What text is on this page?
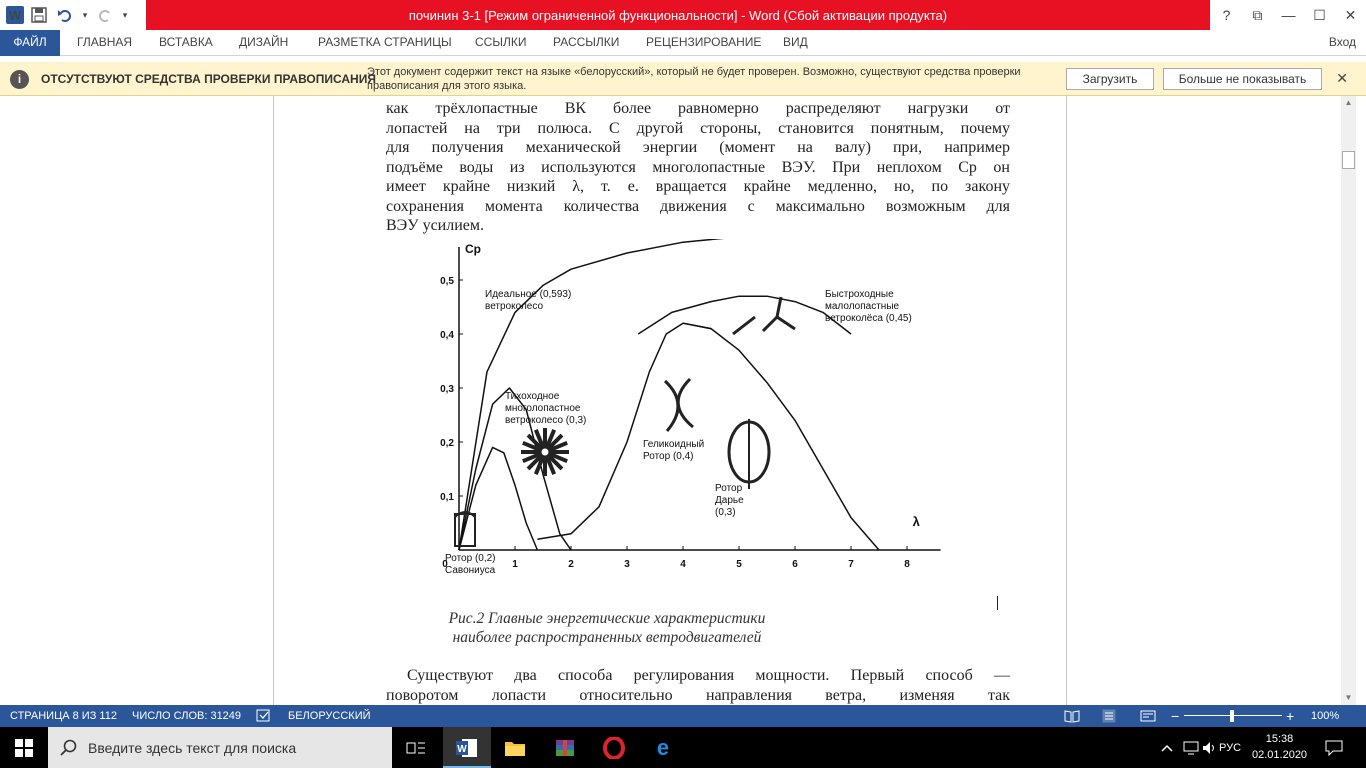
W	▾	▾	починин 3-1 [Режим ограниченной функциональности] - Word (Сбой активации продукта)	?	⧉	—	☐	✕
ФАЙЛ	ГЛАВНАЯ ВСТАВКА ДИЗАЙН РАЗМЕТКА СТРАНИЦЫ ССЫЛКИ РАССЫЛКИ РЕЦЕНЗИРОВАНИЕ ВИД	Вход
i	ОТСУТСТВУЮТ СРЕДСТВА ПРОВЕРКИ ПРАВОПИСАНИЯ
Этот документ содержит текст на языке «белорусский», который не будет проверен. Возможно, существуют средства проверки правописания для этого языка.	Загрузить	Больше не показывать	✕
как трёхлопастные ВК более равномерно распределяют нагрузки от
лопастей на три полюса. С другой стороны, становится понятным, почему
для получения механической энергии (момент на валу) при, например
подъёме воды из используются многолопастные ВЭУ. При неплохом Cp он
имеет крайне низкий λ, т. е. вращается крайне медленно, но, по закону
сохранения момента количества движения с максимально возможным для
ВЭУ усилием.
0	1	2	3	4	5	6	7	8
0,1
0,2
0,3
0,4
0,5
Cp
λ
Идеальное (0,593)
ветроколесо
Быстроходные
малолопастные
ветроколёса (0,45)
Тихоходное
многолопастное
ветроколесо (0,3)
Геликоидный
Ротор (0,4)
Ротор
Дарье
(0,3)
Ротор (0,2)
Савониуса
Рис.2 Главные энергетические характеристики наиболее распространенных ветродвигателей
Существуют два способа регулирования мощности. Первый способ —
поворотом лопасти относительно направления ветра, изменяя так
▲
▼
СТРАНИЦА 8 ИЗ 112 ЧИСЛО СЛОВ: 31249	БЕЛОРУССКИЙ	−	+ 100%
Введите здесь текст для поиска	W	e	РУС
15:38
02.01.2020
